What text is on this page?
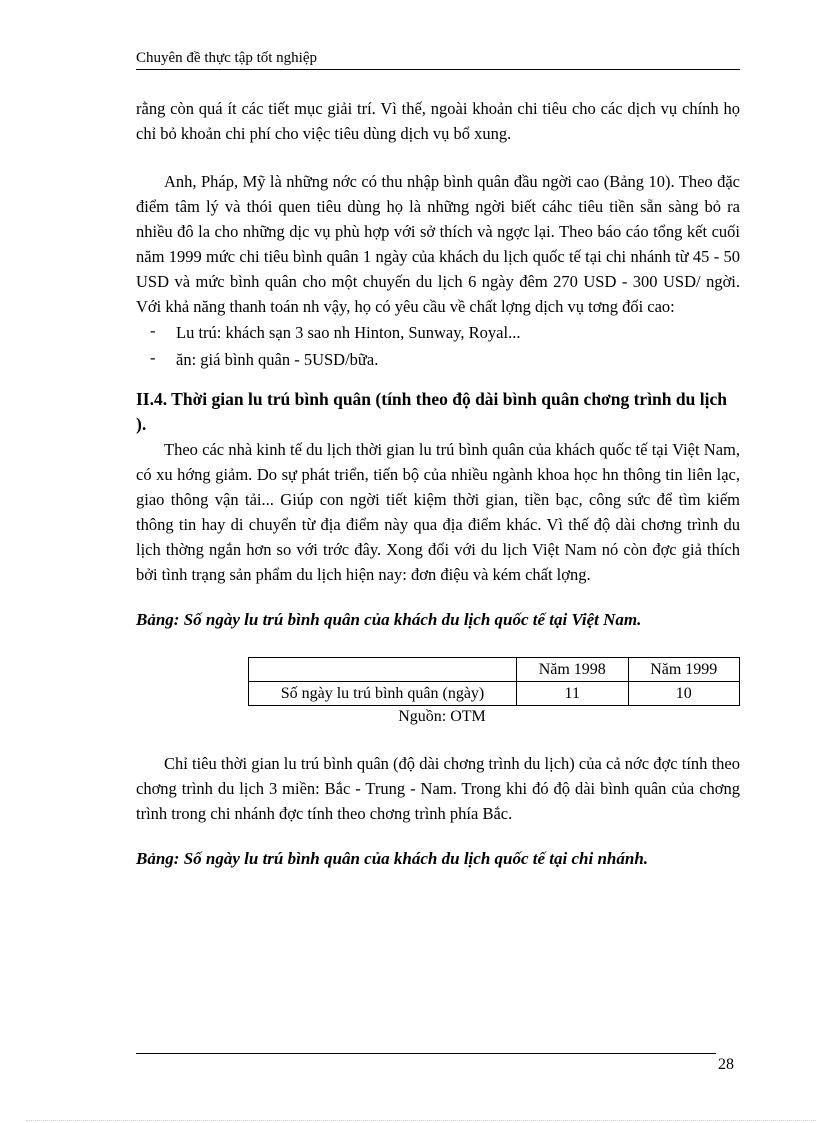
Chuyên đề thực tập tốt nghiệp

rằng còn quá ít các tiết mục giải trí. Vì thế, ngoài khoản chi tiêu cho các dịch vụ chính họ chỉ bỏ khoản chi phí cho việc tiêu dùng dịch vụ bổ xung.

Anh, Pháp, Mỹ là những nớc có thu nhập bình quân đầu ngời cao (Bảng 10). Theo đặc điểm tâm lý và thói quen tiêu dùng họ là những ngời biết cáhc tiêu tiền sẵn sàng bỏ ra nhiều đô la cho những dịc vụ phù hợp với sở thích và ngợc lại. Theo báo cáo tổng kết cuối năm 1999 mức chi tiêu bình quân 1 ngày của khách du lịch quốc tế tại chi nhánh từ 45 - 50 USD và mức bình quân cho một chuyến du lịch 6 ngày đêm 270 USD - 300 USD/ ngời. Với khả năng thanh toán nh vậy, họ có yêu cầu về chất lợng dịch vụ tơng đối cao:

- Lu trú: khách sạn 3 sao nh Hinton, Sunway, Royal...
- ăn: giá bình quân - 5USD/bữa.
II.4. Thời gian lu trú bình quân (tính theo độ dài bình quân chơng trình du lịch ).

Theo các nhà kinh tế du lịch thời gian lu trú bình quân của khách quốc tế tại Việt Nam, có xu hớng giảm. Do sự phát triển, tiến bộ của nhiều ngành khoa học hn thông tin liên lạc, giao thông vận tải... Giúp con ngời tiết kiệm thời gian, tiền bạc, công sức để tìm kiếm thông tin hay di chuyển từ địa điểm này qua địa điểm khác. Vì thế độ dài chơng trình du lịch thờng ngắn hơn so với trớc đây. Xong đối với du lịch Việt Nam nó còn đợc giả thích bởi tình trạng sản phẩm du lịch hiện nay: đơn điệu và kém chất lợng.

Bảng: Số ngày lu trú bình quân của khách du lịch quốc tế tại Việt Nam.

	Năm 1998	Năm 1999
Số ngày lu trú bình quân (ngày)	11	10
Nguồn: OTM

Chỉ tiêu thời gian lu trú bình quân (độ dài chơng trình du lịch) của cả nớc đợc tính theo chơng trình du lịch 3 miền: Bắc - Trung - Nam. Trong khi đó độ dài bình quân của chơng trình trong chi nhánh đợc tính theo chơng trình phía Bắc.

Bảng: Số ngày lu trú bình quân của khách du lịch quốc tế tại chi nhánh.

28
